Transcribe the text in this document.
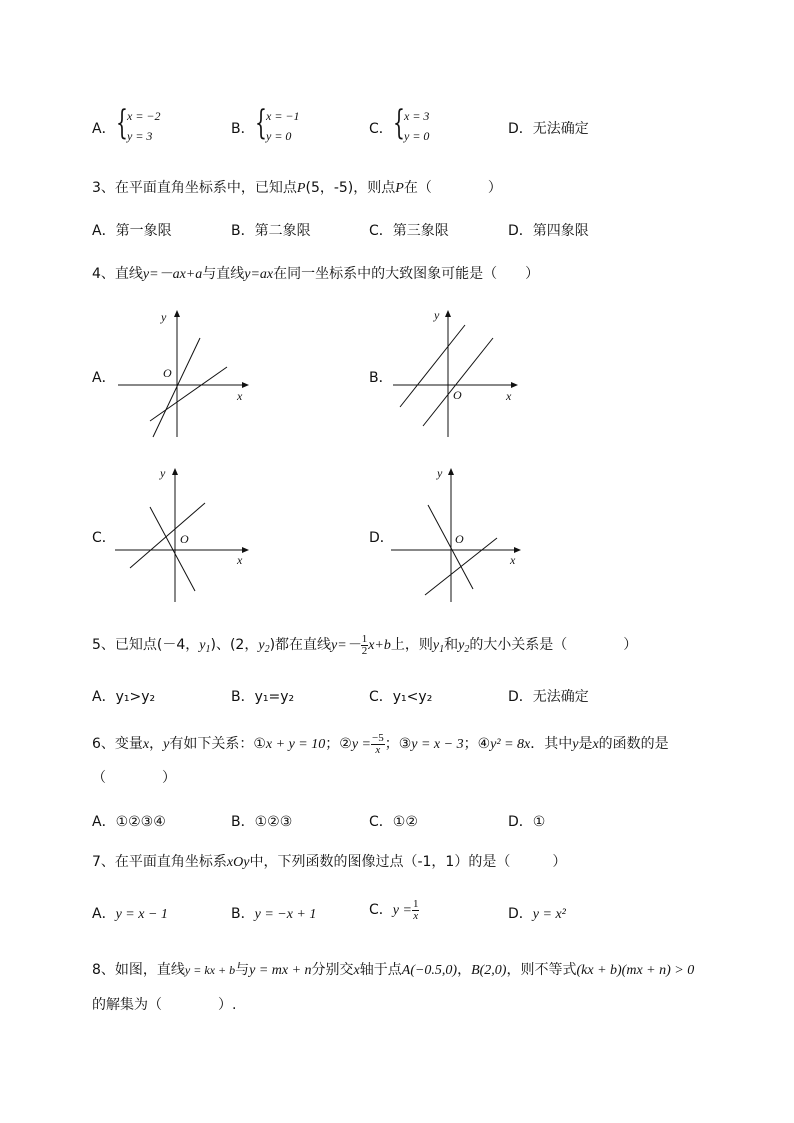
A． { x = −2
y = 3	B． { x = −1
y = 0	C． { x = 3
y = 0	D．无法确定
3、在平面直角坐标系中，已知点P(5，-5)，则点P在（　　　　）
A．第一象限	B．第二象限	C．第三象限	D．第四象限
4、直线y=－ax+a与直线y=ax在同一坐标系中的大致图象可能是（　　）
A．	B．
C．	D．
y
x
O
y
x
O
y
x
O
y
x
O
5、已知点(－4，$y_1$)、(2，$y_2$)都在直线$y=- \frac{1}{2} x+b$上，则$y_1$和$y_2$的大小关系是（　　　　）
A．y₁>y₂	B．y₁=y₂	C．y₁<y₂	D．无法确定
6、变量x，y有如下关系：①x + y = 10；②y = $\frac{-5}{x}$ ；③y = x − 3；④y² = 8x．其中y是x的函数的是
（　　　　）
A．①②③④	B．①②③	C．①②	D．①
7、在平面直角坐标系xOy中，下列函数的图像过点（-1，1）的是（　　　）
A．y = x − 1	B．y = −x + 1	C．$y = \frac{1}{x}$	D．y = x²
8、如图，直线y = kx + b与y = mx + n分别交x轴于点A(−0.5,0)，B(2,0)，则不等式(kx + b)(mx + n) > 0
的解集为（　　　　）.
